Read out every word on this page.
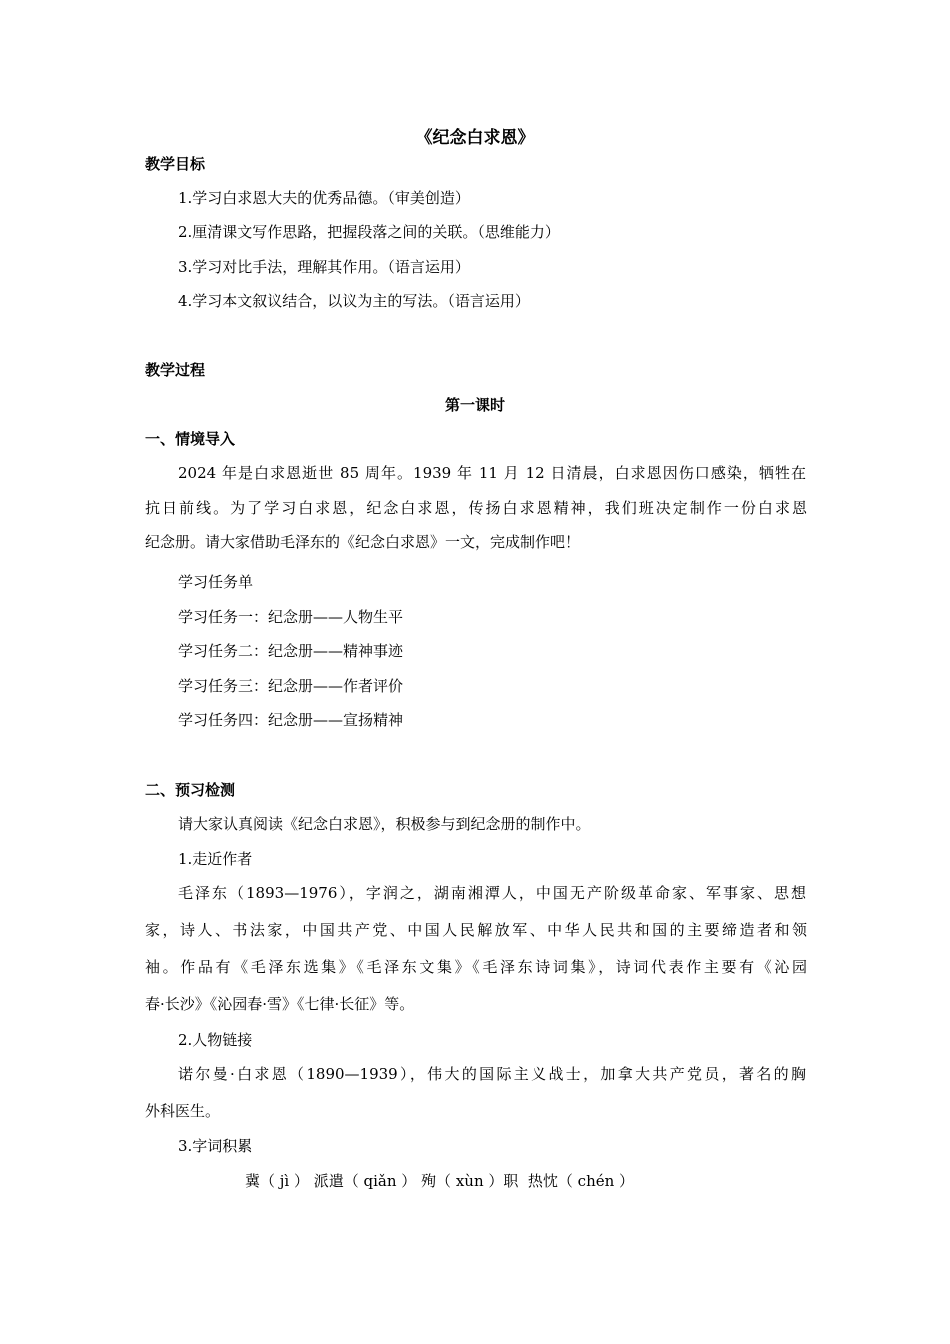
《纪念白求恩》
教学目标
1.学习白求恩大夫的优秀品德。（审美创造）
2.厘清课文写作思路，把握段落之间的关联。（思维能力）
3.学习对比手法，理解其作用。（语言运用）
4.学习本文叙议结合，以议为主的写法。（语言运用）
教学过程
第一课时
一、情境导入
2024 年是白求恩逝世 85 周年。1939 年 11 月 12 日清晨，白求恩因伤口感染，牺牲在
抗日前线。为了学习白求恩，纪念白求恩，传扬白求恩精神，我们班决定制作一份白求恩
纪念册。请大家借助毛泽东的《纪念白求恩》一文，完成制作吧！
学习任务单
学习任务一：纪念册——人物生平
学习任务二：纪念册——精神事迹
学习任务三：纪念册——作者评价
学习任务四：纪念册——宣扬精神
二、预习检测
请大家认真阅读《纪念白求恩》，积极参与到纪念册的制作中。
1.走近作者
毛泽东（1893—1976），字润之，湖南湘潭人，中国无产阶级革命家、军事家、思想
家，诗人、书法家，中国共产党、中国人民解放军、中华人民共和国的主要缔造者和领
袖。作品有《毛泽东选集》《毛泽东文集》《毛泽东诗词集》，诗词代表作主要有《沁园
春·长沙》《沁园春·雪》《七律·长征》等。
2.人物链接
诺尔曼·白求恩（1890—1939），伟大的国际主义战士，加拿大共产党员，著名的胸
外科医生。
3.字词积累
冀（ jì ） 派遣（ qiǎn ） 殉（ xùn ）职  热忱（ chén ）
